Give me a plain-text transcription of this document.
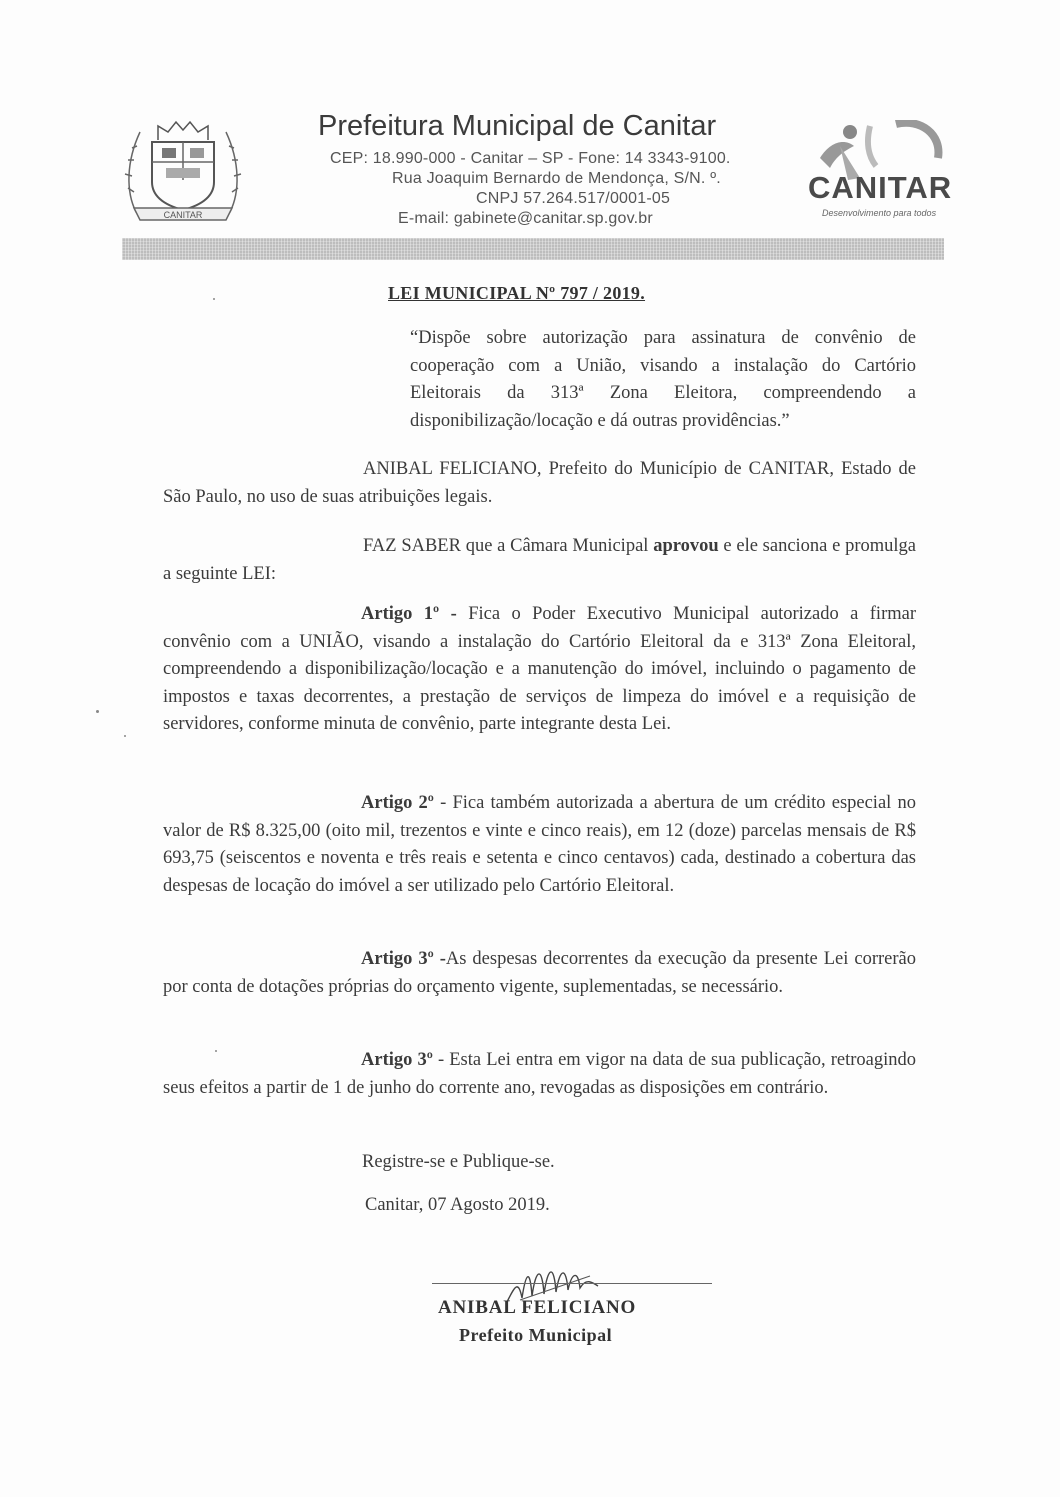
CANITAR
Prefeitura Municipal de Canitar
CEP: 18.990-000 - Canitar – SP - Fone: 14 3343-9100.
Rua Joaquim Bernardo de Mendonça, S/N. º.
CNPJ 57.264.517/0001-05
E-mail: gabinete@canitar.sp.gov.br
CANITAR
Desenvolvimento para todos
LEI MUNICIPAL Nº 797 / 2019.
“Dispõe sobre autorização para assinatura de convênio de cooperação com a União, visando a instalação do Cartório Eleitorais da 313ª Zona Eleitora, compreendendo a disponibilização/locação e dá outras providências.”
ANIBAL FELICIANO, Prefeito do Município de CANITAR, Estado de São Paulo, no uso de suas atribuições legais.
FAZ SABER que a Câmara Municipal aprovou e ele sanciona e promulga a seguinte LEI:
Artigo 1º - Fica o Poder Executivo Municipal autorizado a firmar convênio com a UNIÃO, visando a instalação do Cartório Eleitoral da e 313ª Zona Eleitoral, compreendendo a disponibilização/locação e a manutenção do imóvel, incluindo o pagamento de impostos e taxas decorrentes, a prestação de serviços de limpeza do imóvel e a requisição de servidores, conforme minuta de convênio, parte integrante desta Lei.
Artigo 2º - Fica também autorizada a abertura de um crédito especial no valor de R$ 8.325,00 (oito mil, trezentos e vinte e cinco reais), em 12 (doze) parcelas mensais de R$ 693,75 (seiscentos e noventa e três reais e setenta e cinco centavos) cada, destinado a cobertura das despesas de locação do imóvel a ser utilizado pelo Cartório Eleitoral.
Artigo 3º -As despesas decorrentes da execução da presente Lei correrão por conta de dotações próprias do orçamento vigente, suplementadas, se necessário.
Artigo 3º - Esta Lei entra em vigor na data de sua publicação, retroagindo seus efeitos a partir de 1 de junho do corrente ano, revogadas as disposições em contrário.
Registre-se e Publique-se.
Canitar, 07 Agosto 2019.
ANIBAL FELICIANO
Prefeito Municipal
